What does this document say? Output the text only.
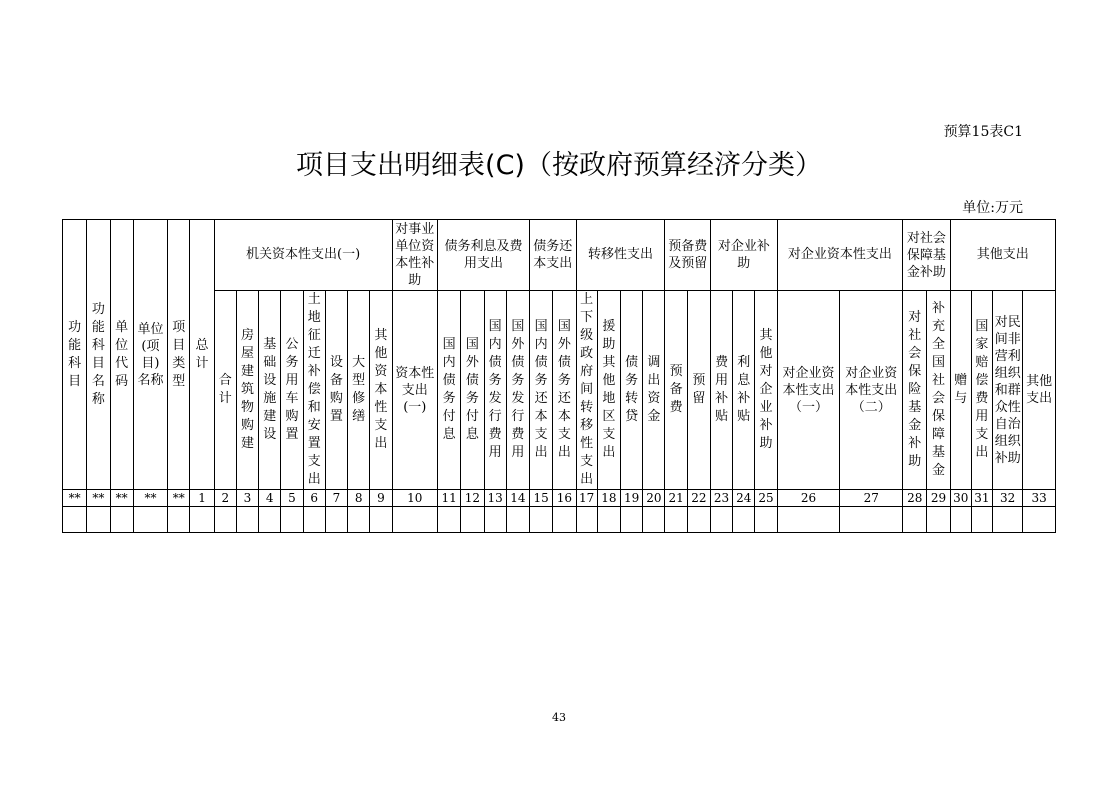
预算15表C1
项目支出明细表(C)（按政府预算经济分类）
单位:万元
功能科目	功能科目名称	单位代码	单位(项目)名称	项目类型	总计	机关资本性支出(一)								对事业单位资本性补助	债务利息及费用支出				债务还本支出		转移性支出				预备费及预留		对企业补助			对企业资本性支出		对社会保障基金补助		其他支出			
						合计	房屋建筑物购建	基础设施建设	公务用车购置	土地征迁补偿和安置支出	设备购置	大型修缮	其他资本性支出	资本性支出(一)	国内债务付息	国外债务付息	国内债务发行费用	国外债务发行费用	国内债务还本支出	国外债务还本支出	上下级政府间转移性支出	援助其他地区支出	债务转贷	调出资金	预备费	预留	费用补贴	利息补贴	其他对企业补助	对企业资本性支出（一）	对企业资本性支出（二）	对社会保险基金补助	补充全国社会保障基金	赠与	国家赔偿费用支出	对民间非营利组织和群众性自治组织补助	其他支出
**	**	**	**	**	1	2	3	4	5	6	7	8	9	10	11	12	13	14	15	16	17	18	19	20	21	22	23	24	25	26	27	28	29	30	31	32	33

43
